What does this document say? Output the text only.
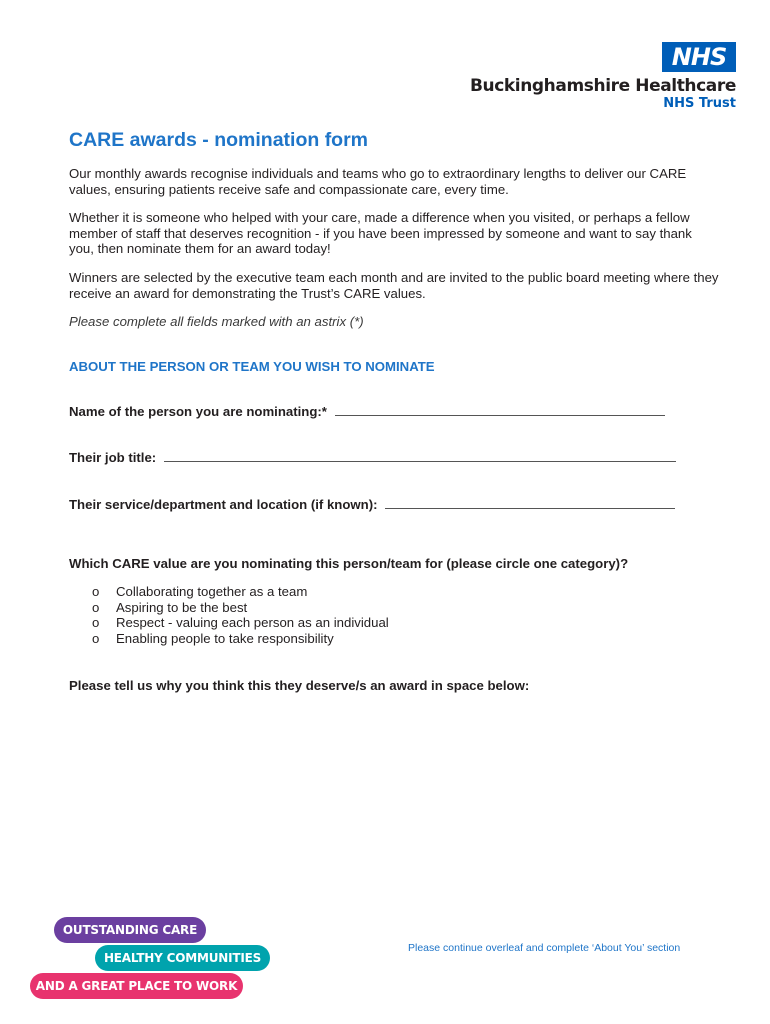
NHS
Buckinghamshire Healthcare
NHS Trust
CARE awards - nomination form

Our monthly awards recognise individuals and teams who go to extraordinary lengths to deliver our CARE values, ensuring patients receive safe and compassionate care, every time.

Whether it is someone who helped with your care, made a difference when you visited, or perhaps a fellow member of staff that deserves recognition - if you have been impressed by someone and want to say thank you, then nominate them for an award today!

Winners are selected by the executive team each month and are invited to the public board meeting where they receive an award for demonstrating the Trust’s CARE values.

Please complete all fields marked with an astrix (*)

ABOUT THE PERSON OR TEAM YOU WISH TO NOMINATE
Name of the person you are nominating:*
Their job title:
Their service/department and location (if known):

Which CARE value are you nominating this person/team for (please circle one category)?

o	Collaborating together as a team
o	Aspiring to be the best
o	Respect - valuing each person as an individual
o	Enabling people to take responsibility

Please tell us why you think this they deserve/s an award in space below:

OUTSTANDING CARE
HEALTHY COMMUNITIES
AND A GREAT PLACE TO WORK
Please continue overleaf and complete ‘About You’ section
